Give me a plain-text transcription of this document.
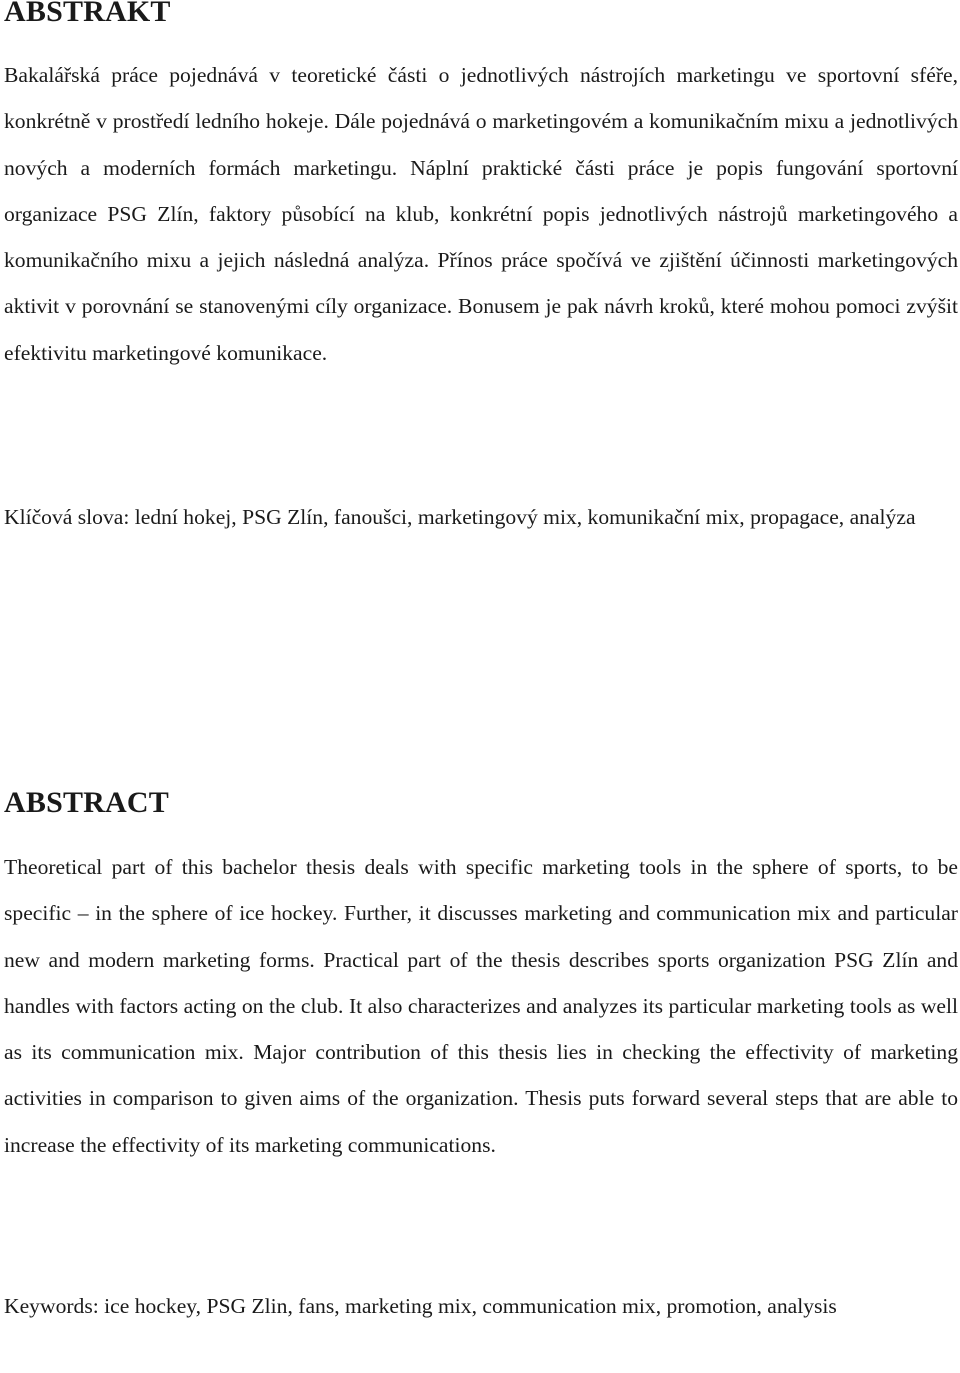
ABSTRAKT

Bakalářská práce pojednává v teoretické části o jednotlivých nástrojích marketingu ve sportovní sféře, konkrétně v prostředí ledního hokeje. Dále pojednává o marketingovém a komunikačním mixu a jednotlivých nových a moderních formách marketingu. Náplní praktické části práce je popis fungování sportovní organizace PSG Zlín, faktory působící na klub, konkrétní popis jednotlivých nástrojů marketingového a komunikačního mixu a jejich následná analýza. Přínos práce spočívá ve zjištění účinnosti marketingových aktivit v porovnání se stanovenými cíly organizace. Bonusem je pak návrh kroků, které mohou pomoci zvýšit efektivitu marketingové komunikace.

Klíčová slova: lední hokej, PSG Zlín, fanoušci, marketingový mix, komunikační mix, propagace, analýza

ABSTRACT

Theoretical part of this bachelor thesis deals with specific marketing tools in the sphere of sports, to be specific – in the sphere of ice hockey. Further, it discusses marketing and communication mix and particular new and modern marketing forms. Practical part of the thesis describes sports organization PSG Zlín and handles with factors acting on the club. It also characterizes and analyzes its particular marketing tools as well as its communication mix. Major contribution of this thesis lies in checking the effectivity of marketing activities in comparison to given aims of the organization. Thesis puts forward several steps that are able to increase the effectivity of its marketing communications.

Keywords: ice hockey, PSG Zlin, fans, marketing mix, communication mix, promotion, analysis
